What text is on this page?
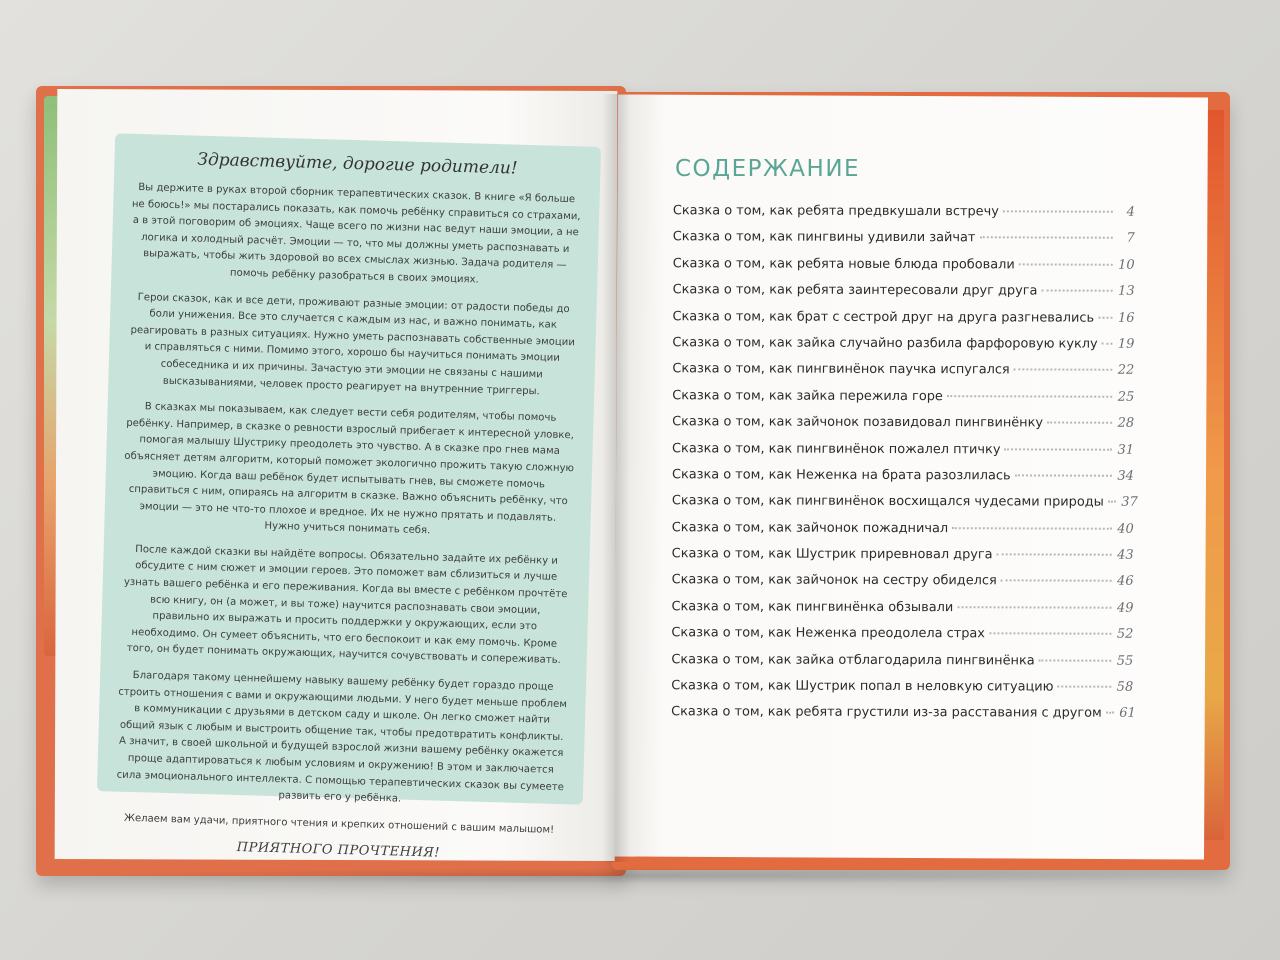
Здравствуйте, дорогие родители!

Вы держите в руках второй сборник терапевтических сказок. В книге «Я больше не боюсь!» мы постарались показать, как помочь ребёнку справиться со страхами, а в этой поговорим об эмоциях. Чаще всего по жизни нас ведут наши эмоции, а не логика и холодный расчёт. Эмоции — то, что мы должны уметь распознавать и выражать, чтобы жить здоровой во всех смыслах жизнью. Задача родителя — помочь ребёнку разобраться в своих эмоциях.

Герои сказок, как и все дети, проживают разные эмоции: от радости победы до боли унижения. Все это случается с каждым из нас, и важно понимать, как реагировать в разных ситуациях. Нужно уметь распознавать собственные эмоции и справляться с ними. Помимо этого, хорошо бы научиться понимать эмоции собеседника и их причины. Зачастую эти эмоции не связаны с нашими высказываниями, человек просто реагирует на внутренние триггеры.

В сказках мы показываем, как следует вести себя родителям, чтобы помочь ребёнку. Например, в сказке о ревности взрослый прибегает к интересной уловке, помогая малышу Шустрику преодолеть это чувство. А в сказке про гнев мама объясняет детям алгоритм, который поможет экологично прожить такую сложную эмоцию. Когда ваш ребёнок будет испытывать гнев, вы сможете помочь справиться с ним, опираясь на алгоритм в сказке. Важно объяснить ребёнку, что эмоции — это не что-то плохое и вредное. Их не нужно прятать и подавлять. Нужно учиться понимать себя.

После каждой сказки вы найдёте вопросы. Обязательно задайте их ребёнку и обсудите с ним сюжет и эмоции героев. Это поможет вам сблизиться и лучше узнать вашего ребёнка и его переживания. Когда вы вместе с ребёнком прочтёте всю книгу, он (а может, и вы тоже) научится распознавать свои эмоции, правильно их выражать и просить поддержки у окружающих, если это необходимо. Он сумеет объяснить, что его беспокоит и как ему помочь. Кроме того, он будет понимать окружающих, научится сочувствовать и сопереживать.

Благодаря такому ценнейшему навыку вашему ребёнку будет гораздо проще строить отношения с вами и окружающими людьми. У него будет меньше проблем в коммуникации с друзьями в детском саду и школе. Он легко сможет найти общий язык с любым и выстроить общение так, чтобы предотвратить конфликты. А значит, в своей школьной и будущей взрослой жизни вашему ребёнку окажется проще адаптироваться к любым условиям и окружению! В этом и заключается сила эмоционального интеллекта. С помощью терапевтических сказок вы сумеете развить его у ребёнка.

Желаем вам удачи, приятного чтения и крепких отношений с вашим малышом!

ПРИЯТНОГО ПРОЧТЕНИЯ!
СОДЕРЖАНИЕ
Сказка о том, как ребята предвкушали встречу	4
Сказка о том, как пингвины удивили зайчат	7
Сказка о том, как ребята новые блюда пробовали	10
Сказка о том, как ребята заинтересовали друг друга	13
Сказка о том, как брат с сестрой друг на друга разгневались 16
Сказка о том, как зайка случайно разбила фарфоровую куклу 19
Сказка о том, как пингвинёнок паучка испугался	22
Сказка о том, как зайка пережила горе	25
Сказка о том, как зайчонок позавидовал пингвинёнку	28
Сказка о том, как пингвинёнок пожалел птичку	31
Сказка о том, как Неженка на брата разозлилась	34
Сказка о том, как пингвинёнок восхищался чудесами природы 37
Сказка о том, как зайчонок пожадничал	40
Сказка о том, как Шустрик приревновал друга	43
Сказка о том, как зайчонок на сестру обиделся	46
Сказка о том, как пингвинёнка обзывали	49
Сказка о том, как Неженка преодолела страх	52
Сказка о том, как зайка отблагодарила пингвинёнка	55
Сказка о том, как Шустрик попал в неловкую ситуацию	58
Сказка о том, как ребята грустили из-за расставания с другом 61
